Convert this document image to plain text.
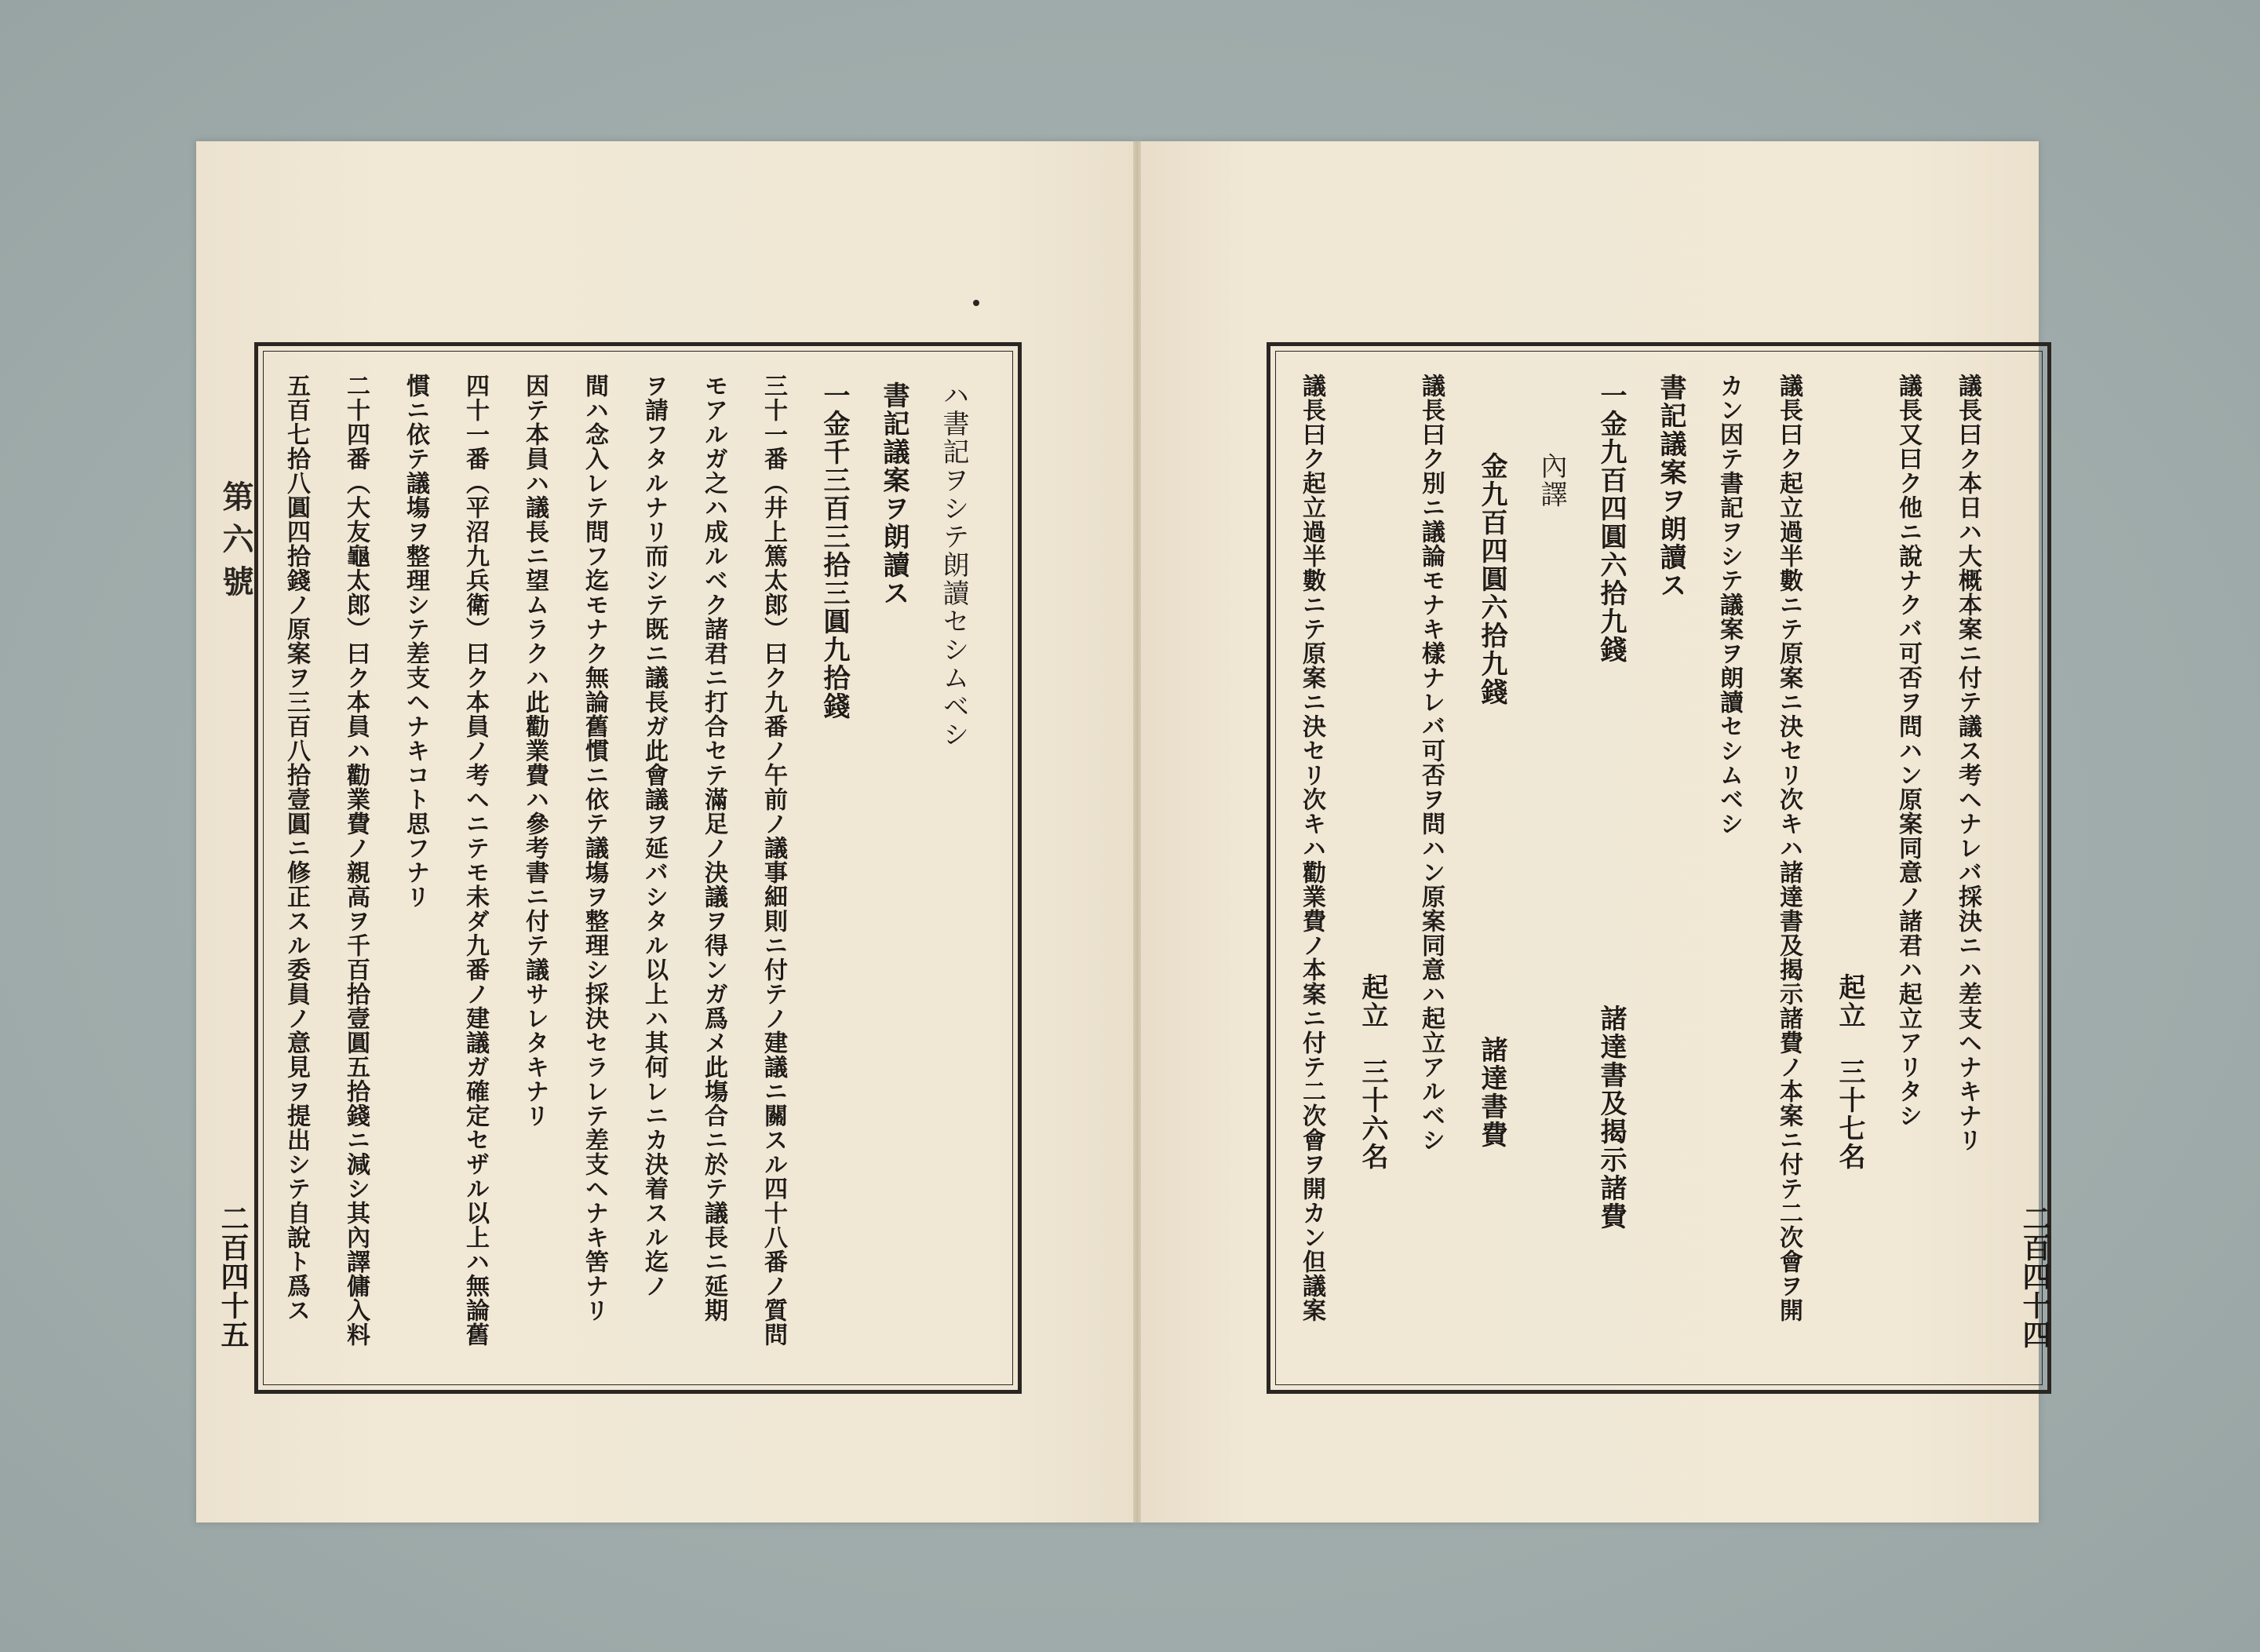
第六號
二百四十五
ハ書記ヲシテ朗讀セシムベシ
書記議案ヲ朗讀ス
一金千三百三拾三圓九拾錢
三十一番（井上篤太郎）曰ク九番ノ午前ノ議事細則ニ付テノ建議ニ關スル四十八番ノ質問
モアルガ之ハ成ルベク諸君ニ打合セテ滿足ノ決議ヲ得ンガ爲メ此塲合ニ於テ議長ニ延期
ヲ請フタルナリ而シテ既ニ議長ガ此會議ヲ延バシタル以上ハ其何レニカ決着スル迄ノ
間ハ念入レテ問フ迄モナク無論舊慣ニ依テ議塲ヲ整理シ採決セラレテ差支ヘナキ筈ナリ
因テ本員ハ議長ニ望ムラクハ此勸業費ハ參考書ニ付テ議サレタキナリ
四十一番（平沼九兵衛）曰ク本員ノ考ヘニテモ未ダ九番ノ建議ガ確定セザル以上ハ無論舊
慣ニ依テ議塲ヲ整理シテ差支ヘナキコト思フナリ
二十四番（大友龜太郎）曰ク本員ハ勸業費ノ親高ヲ千百拾壹圓五拾錢ニ減シ其內譯傭入料
五百七拾八圓四拾錢ノ原案ヲ三百八拾壹圓ニ修正スル委員ノ意見ヲ提出シテ自說ト爲ス	二百四十四
議長曰ク本日ハ大概本案ニ付テ議ス考ヘナレバ採決ニハ差支ヘナキナリ
議長又曰ク他ニ說ナクバ可否ヲ問ハン原案同意ノ諸君ハ起立アリタシ
起立　三十七名
議長曰ク起立過半數ニテ原案ニ決セリ次キハ諸達書及揭示諸費ノ本案ニ付テ二次會ヲ開
カン因テ書記ヲシテ議案ヲ朗讀セシムベシ
書記議案ヲ朗讀ス
一金九百四圓六拾九錢
諸達書及揭示諸費
內譯
金九百四圓六拾九錢
諸達書費
議長曰ク別ニ議論モナキ樣ナレバ可否ヲ問ハン原案同意ハ起立アルベシ
起立　三十六名
議長曰ク起立過半數ニテ原案ニ決セリ次キハ勸業費ノ本案ニ付テ二次會ヲ開カン但議案
